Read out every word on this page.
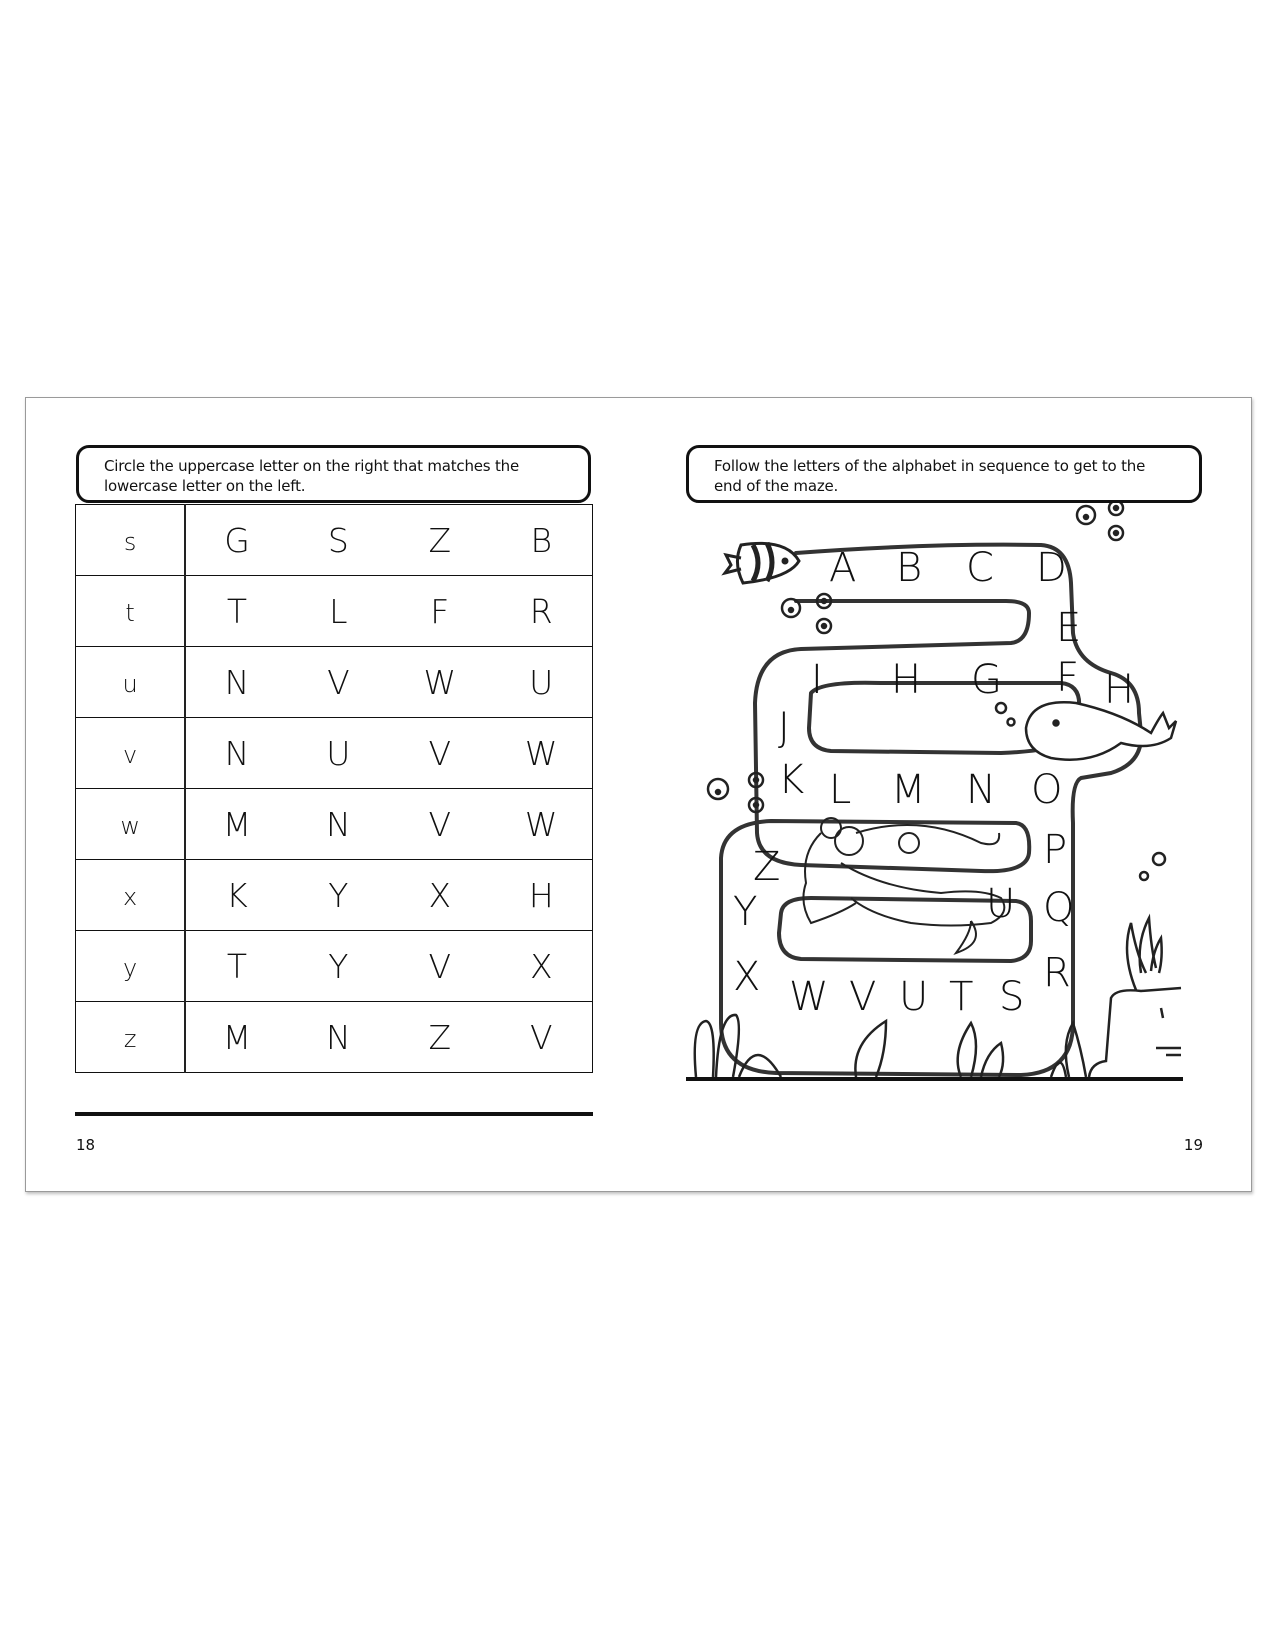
Circle the uppercase letter on the right that matches the
lowercase letter on the left.
s	G	S	Z	B
t	T	L	F	R
u	N	V	W	U
v	N	U	V	W
w	M	N	V	W
x	K	Y	X	H
y	T	Y	V	X
z	M	N	Z	V
18
Follow the letters of the alphabet in sequence to get to the
end of the maze.
A B C D
E
F
G
H
I
J
K L M N O
P
Q
R
S
T
U
V
W
X
Y
Z
H
U
19
